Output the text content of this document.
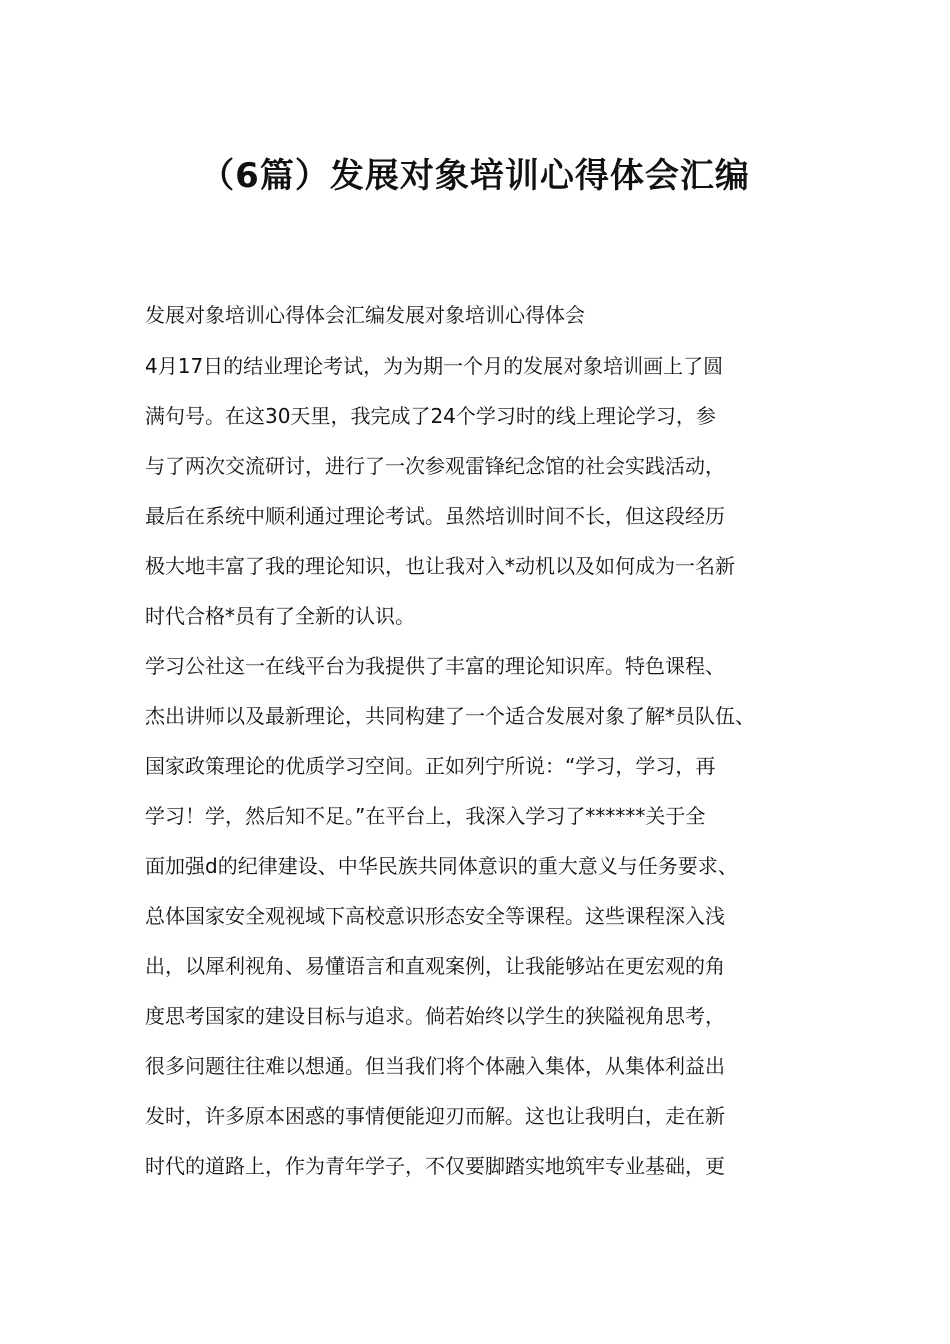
（6篇）发展对象培训心得体会汇编

发展对象培训心得体会汇编发展对象培训心得体会

4月17日的结业理论考试，为为期一个月的发展对象培训画上了圆

满句号。在这30天里，我完成了24个学习时的线上理论学习，参

与了两次交流研讨，进行了一次参观雷锋纪念馆的社会实践活动，

最后在系统中顺利通过理论考试。虽然培训时间不长，但这段经历

极大地丰富了我的理论知识，也让我对入*动机以及如何成为一名新

时代合格*员有了全新的认识。

学习公社这一在线平台为我提供了丰富的理论知识库。特色课程、

杰出讲师以及最新理论，共同构建了一个适合发展对象了解*员队伍、

国家政策理论的优质学习空间。正如列宁所说：“学习，学习，再

学习！学，然后知不足。”在平台上，我深入学习了******关于全

面加强d的纪律建设、中华民族共同体意识的重大意义与任务要求、

总体国家安全观视域下高校意识形态安全等课程。这些课程深入浅

出，以犀利视角、易懂语言和直观案例，让我能够站在更宏观的角

度思考国家的建设目标与追求。倘若始终以学生的狭隘视角思考，

很多问题往往难以想通。但当我们将个体融入集体，从集体利益出

发时，许多原本困惑的事情便能迎刃而解。这也让我明白，走在新

时代的道路上，作为青年学子，不仅要脚踏实地筑牢专业基础，更
